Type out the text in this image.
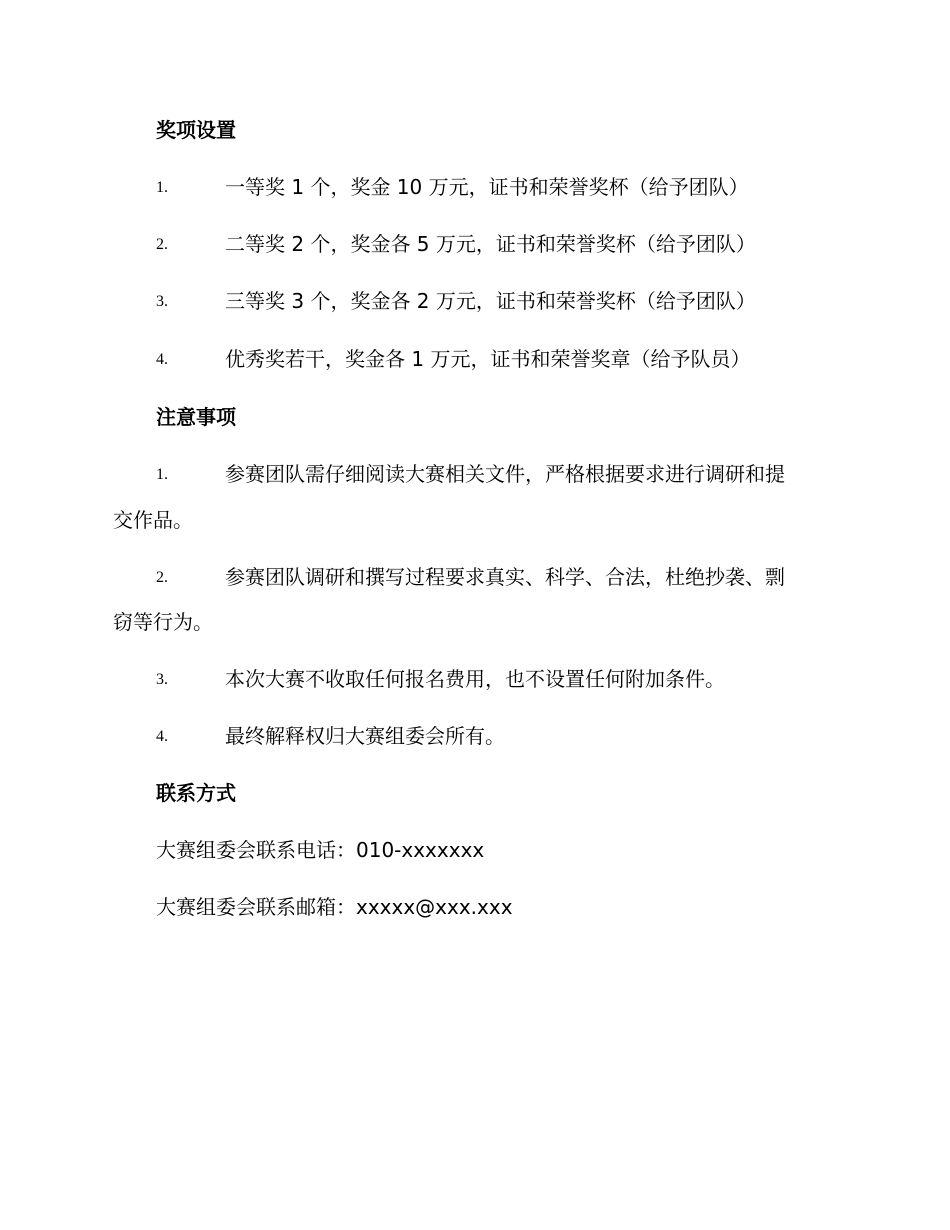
奖项设置
1.	一等奖 1 个，奖金 10 万元，证书和荣誉奖杯（给予团队）
2.	二等奖 2 个，奖金各 5 万元，证书和荣誉奖杯（给予团队）
3.	三等奖 3 个，奖金各 2 万元，证书和荣誉奖杯（给予团队）
4.	优秀奖若干，奖金各 1 万元，证书和荣誉奖章（给予队员）
注意事项
1.	参赛团队需仔细阅读大赛相关文件，严格根据要求进行调研和提
交作品。
2.	参赛团队调研和撰写过程要求真实、科学、合法，杜绝抄袭、剽
窃等行为。
3.	本次大赛不收取任何报名费用，也不设置任何附加条件。
4.	最终解释权归大赛组委会所有。
联系方式
大赛组委会联系电话：010-xxxxxxx
大赛组委会联系邮箱：xxxxx@xxx.xxx
